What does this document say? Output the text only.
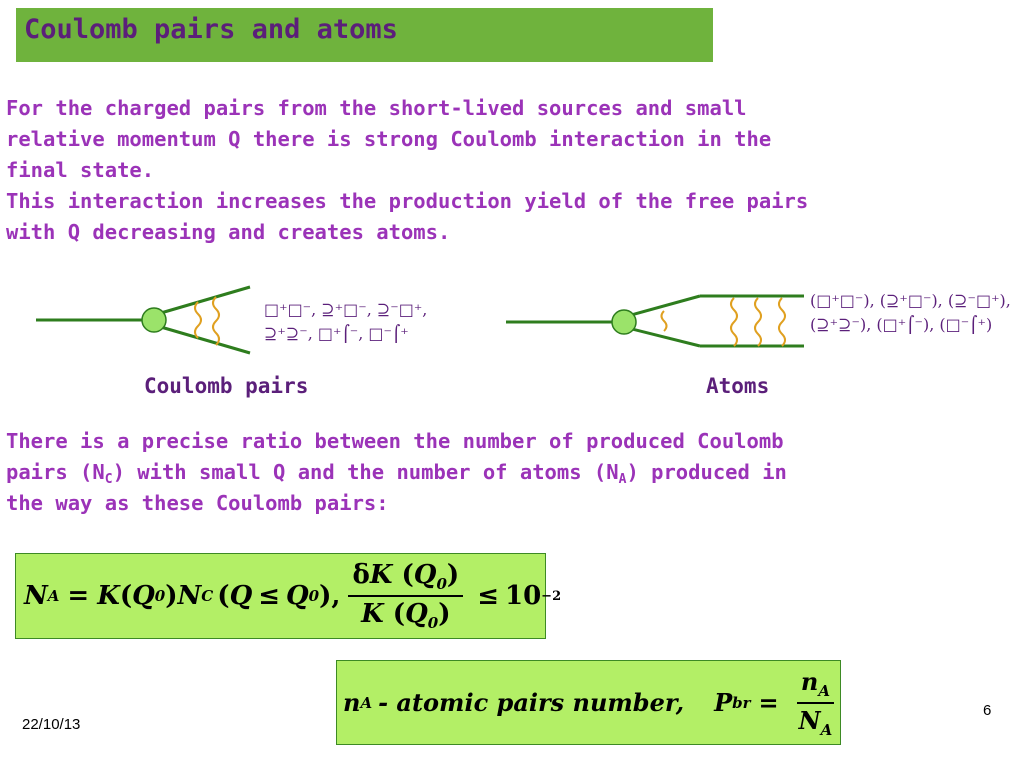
Coulomb pairs and atoms
For the charged pairs from the short-lived sources and small
relative momentum Q there is strong Coulomb interaction in the
final state.
This interaction increases the production yield of the free pairs
with Q decreasing and creates atoms.
□⁺□⁻, ⊇⁺□⁻, ⊇⁻□⁺,
⊇⁺⊇⁻, □⁺⌠⁻, □⁻⌠⁺
Coulomb pairs
(□⁺□⁻), (⊇⁺□⁻), (⊇⁻□⁺),
(⊇⁺⊇⁻), (□⁺⌠⁻), (□⁻⌠⁺)
Atoms
There is a precise ratio between the number of produced Coulomb
pairs $(N_C)$ with small Q and the number of atoms $(N_A)$ produced in
the way as these Coulomb pairs:
N A = K ( Q 0 ) N C ( Q ≤ Q 0 ), $\frac{\delta K (Q_0)}{K (Q_0)} \le 10 -2$
n A - atomic pairs number, P br = $\frac{n_A}{N_A}$
22/10/13
6
